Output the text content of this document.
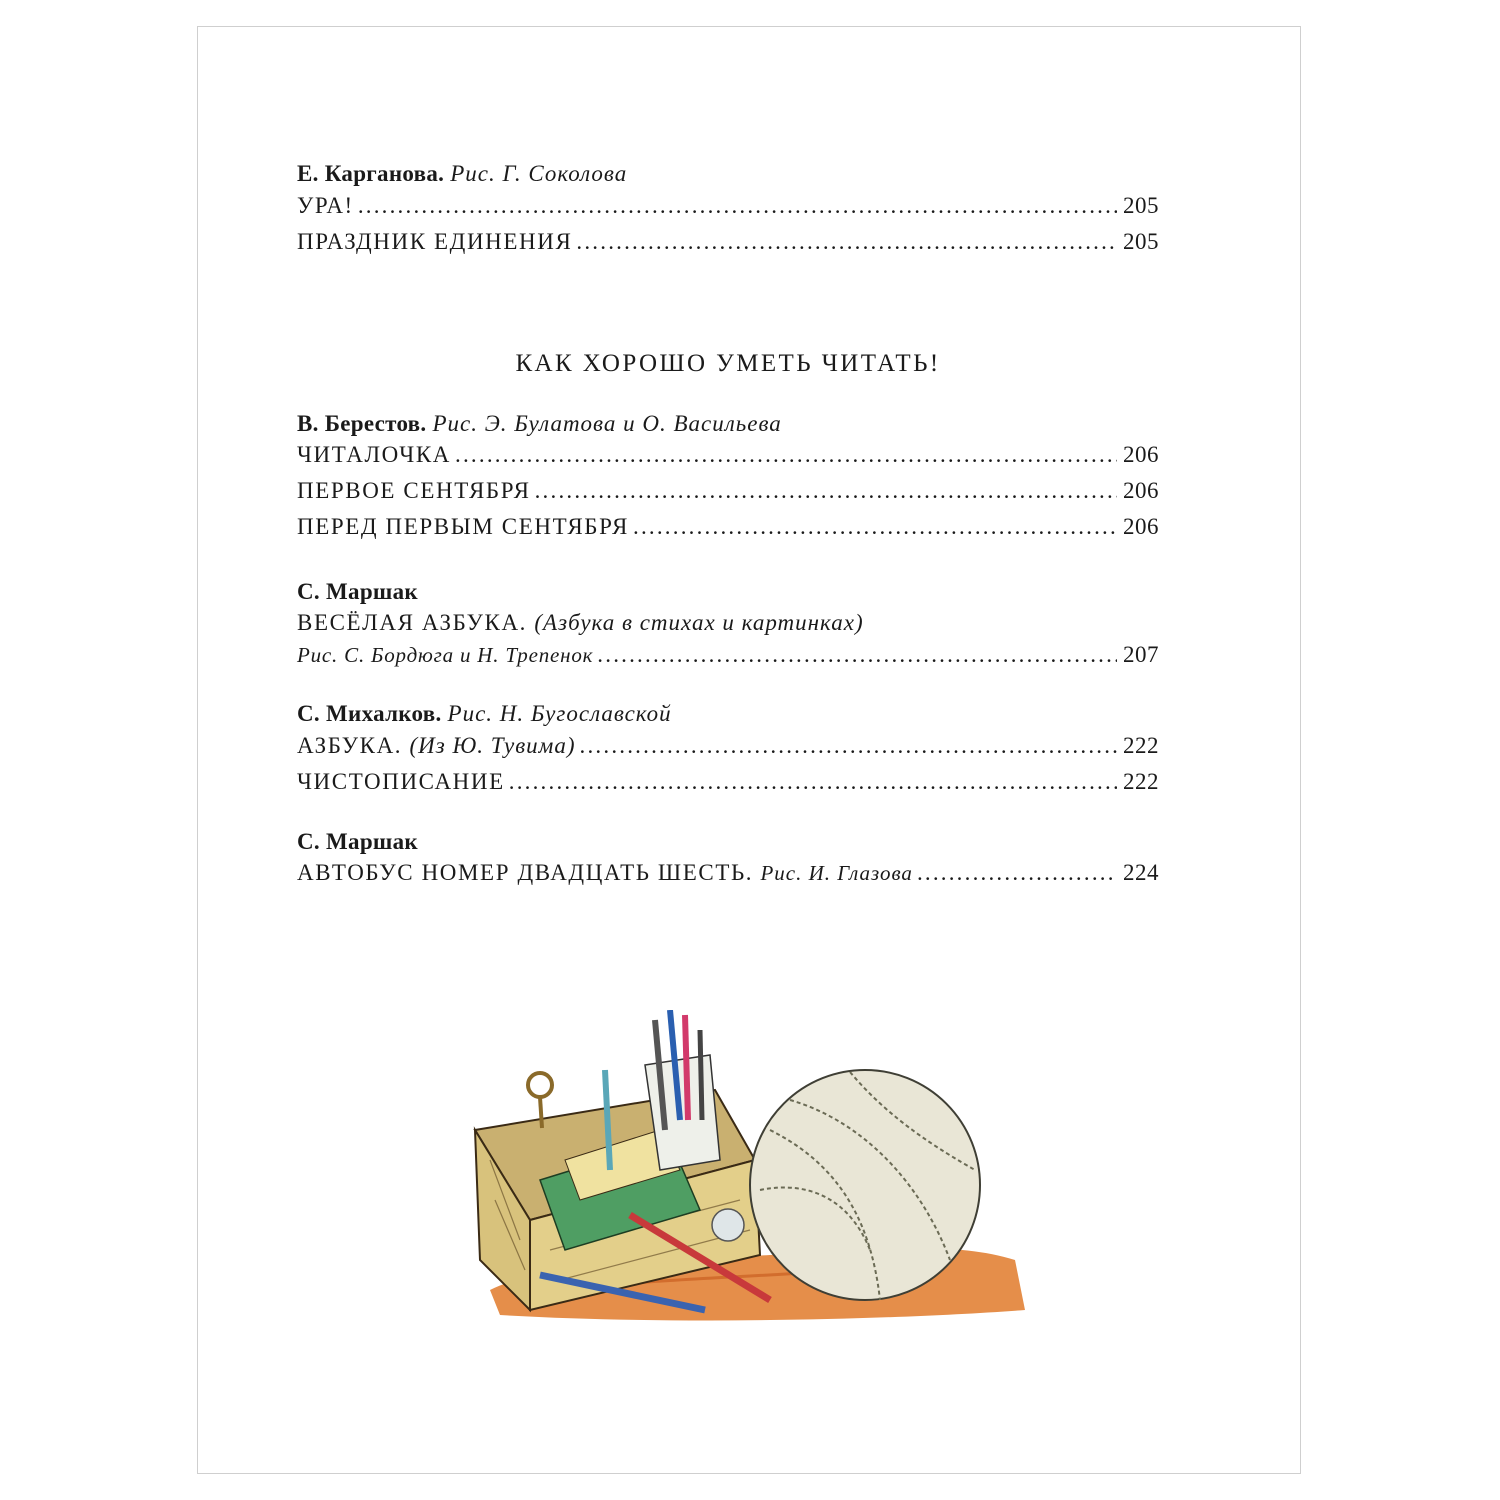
Е. Карганова. Рис. Г. Соколова
УРА! .....	205
ПРАЗДНИК ЕДИНЕНИЯ .....	205
КАК ХОРОШО УМЕТЬ ЧИТАТЬ!
В. Берестов. Рис. Э. Булатова и О. Васильева
ЧИТАЛОЧКА .....	206
ПЕРВОЕ СЕНТЯБРЯ .....	206
ПЕРЕД ПЕРВЫМ СЕНТЯБРЯ .....	206
С. Маршак
ВЕСЁЛАЯ АЗБУКА. (Азбука в стихах и картинках)
Рис. С. Бордюга и Н. Трепенок .....	207
С. Михалков. Рис. Н. Бугославской
АЗБУКА. (Из Ю. Тувима) .....	222
ЧИСТОПИСАНИЕ .....	222
С. Маршак
АВТОБУС НОМЕР ДВАДЦАТЬ ШЕСТЬ. Рис. И. Глазова .....	224
